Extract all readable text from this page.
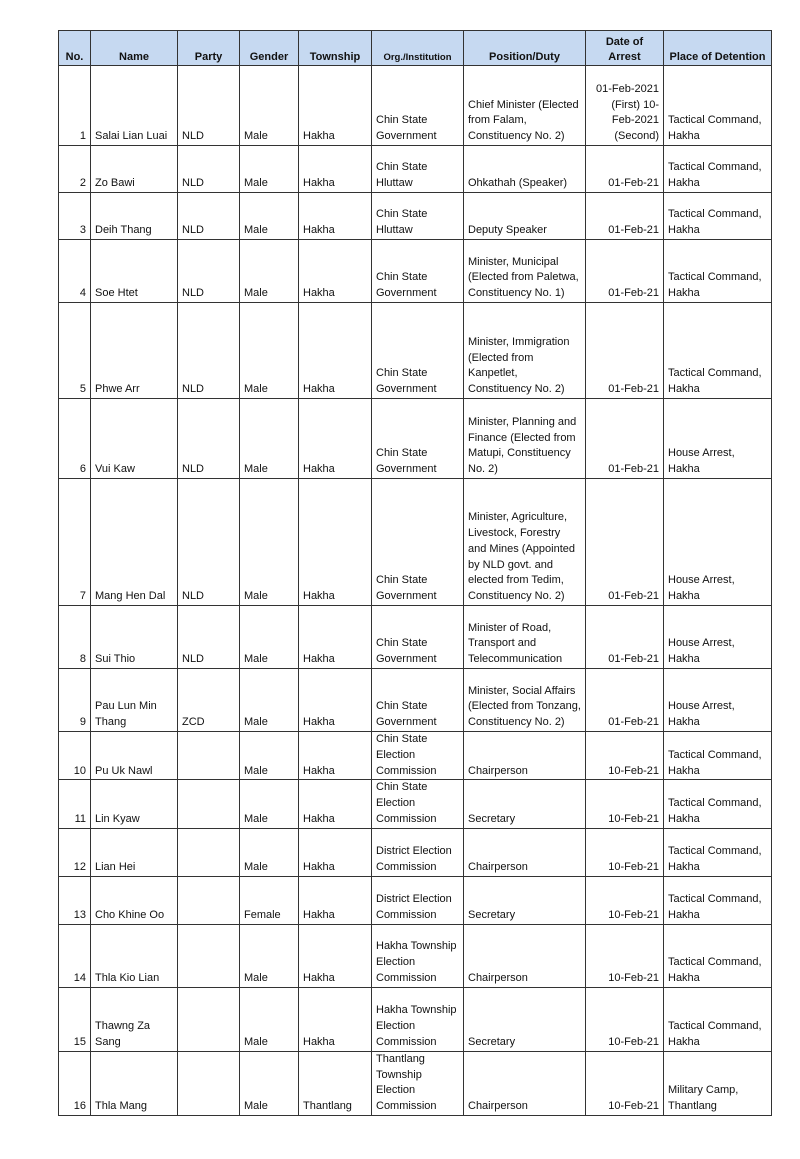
No.	Name	Party	Gender	Township	Org./Institution	Position/Duty	Date of Arrest	Place of Detention
1	Salai Lian Luai	NLD	Male	Hakha	Chin State Government	Chief Minister (Elected from Falam, Constituency No. 2)	01-Feb-2021 (First) 10-Feb-2021 (Second)	Tactical Command, Hakha
2	Zo Bawi	NLD	Male	Hakha	Chin State Hluttaw	Ohkathah (Speaker)	01-Feb-21	Tactical Command, Hakha
3	Deih Thang	NLD	Male	Hakha	Chin State Hluttaw	Deputy Speaker	01-Feb-21	Tactical Command, Hakha
4	Soe Htet	NLD	Male	Hakha	Chin State Government	Minister, Municipal (Elected from Paletwa, Constituency No. 1)	01-Feb-21	Tactical Command, Hakha
5	Phwe Arr	NLD	Male	Hakha	Chin State Government	Minister, Immigration (Elected from Kanpetlet, Constituency No. 2)	01-Feb-21	Tactical Command, Hakha
6	Vui Kaw	NLD	Male	Hakha	Chin State Government	Minister, Planning and Finance (Elected from Matupi, Constituency No. 2)	01-Feb-21	House Arrest, Hakha
7	Mang Hen Dal	NLD	Male	Hakha	Chin State Government	Minister, Agriculture, Livestock, Forestry and Mines (Appointed by NLD govt. and elected from Tedim, Constituency No. 2)	01-Feb-21	House Arrest, Hakha
8	Sui Thio	NLD	Male	Hakha	Chin State Government	Minister of Road, Transport and Telecommunication	01-Feb-21	House Arrest, Hakha
9	Pau Lun Min Thang	ZCD	Male	Hakha	Chin State Government	Minister, Social Affairs (Elected from Tonzang, Constituency No. 2)	01-Feb-21	House Arrest, Hakha
10	Pu Uk Nawl		Male	Hakha	Chin State Election Commission	Chairperson	10-Feb-21	Tactical Command, Hakha
11	Lin Kyaw		Male	Hakha	Chin State Election Commission	Secretary	10-Feb-21	Tactical Command, Hakha
12	Lian Hei		Male	Hakha	District Election Commission	Chairperson	10-Feb-21	Tactical Command, Hakha
13	Cho Khine Oo		Female	Hakha	District Election Commission	Secretary	10-Feb-21	Tactical Command, Hakha
14	Thla Kio Lian		Male	Hakha	Hakha Township Election Commission	Chairperson	10-Feb-21	Tactical Command, Hakha
15	Thawng Za Sang		Male	Hakha	Hakha Township Election Commission	Secretary	10-Feb-21	Tactical Command, Hakha
16	Thla Mang		Male	Thantlang	Thantlang Township Election Commission	Chairperson	10-Feb-21	Military Camp, Thantlang
